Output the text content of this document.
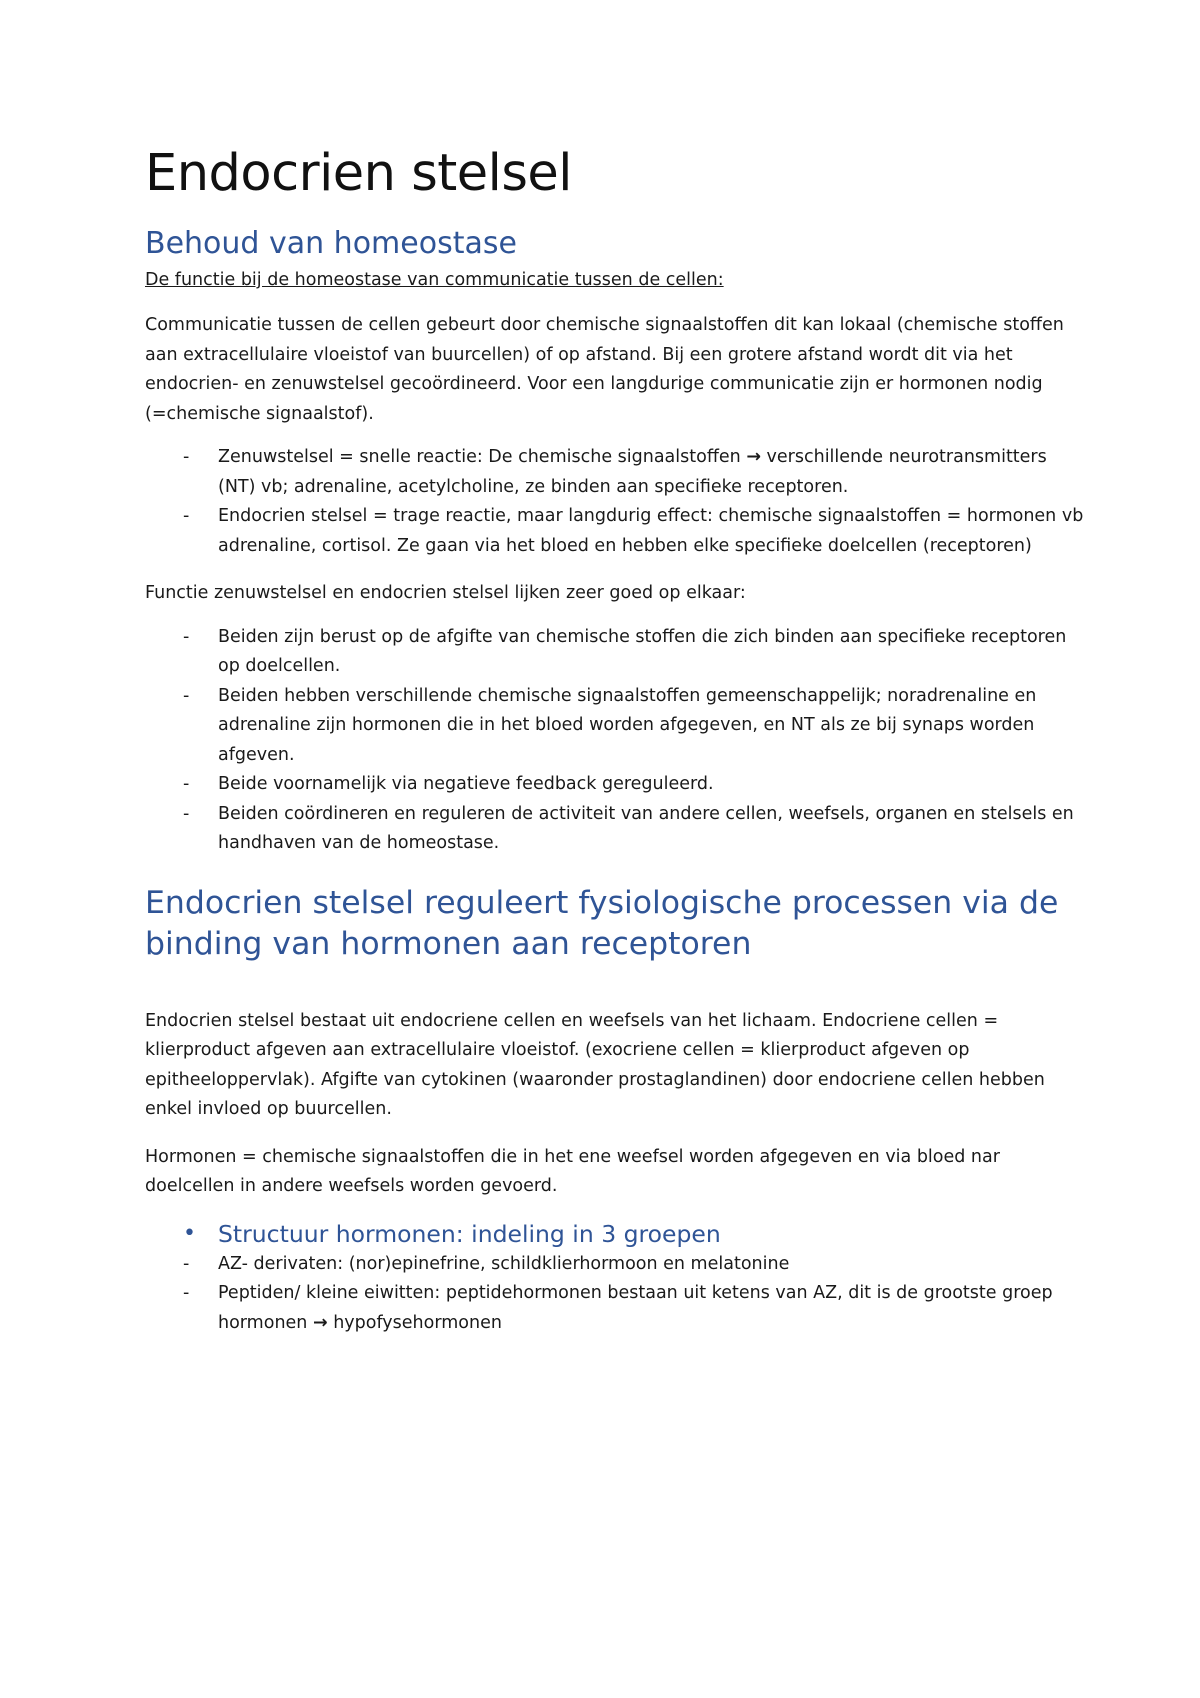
Endocrien stelsel
Behoud van homeostase
De functie bij de homeostase van communicatie tussen de cellen:

Communicatie tussen de cellen gebeurt door chemische signaalstoffen dit kan lokaal (chemische stoffen aan extracellulaire vloeistof van buurcellen) of op afstand. Bij een grotere afstand wordt dit via het endocrien- en zenuwstelsel gecoördineerd. Voor een langdurige communicatie zijn er hormonen nodig (=chemische signaalstof).

- Zenuwstelsel = snelle reactie: De chemische signaalstoffen → verschillende neurotransmitters (NT) vb; adrenaline, acetylcholine, ze binden aan specifieke receptoren.
- Endocrien stelsel = trage reactie, maar langdurig effect: chemische signaalstoffen = hormonen vb adrenaline, cortisol. Ze gaan via het bloed en hebben elke specifieke doelcellen (receptoren)

Functie zenuwstelsel en endocrien stelsel lijken zeer goed op elkaar:

- Beiden zijn berust op de afgifte van chemische stoffen die zich binden aan specifieke receptoren op doelcellen.
- Beiden hebben verschillende chemische signaalstoffen gemeenschappelijk; noradrenaline en adrenaline zijn hormonen die in het bloed worden afgegeven, en NT als ze bij synaps worden afgeven.
- Beide voornamelijk via negatieve feedback gereguleerd.
- Beiden coördineren en reguleren de activiteit van andere cellen, weefsels, organen en stelsels en handhaven van de homeostase.
Endocrien stelsel reguleert fysiologische processen via de binding van hormonen aan receptoren

Endocrien stelsel bestaat uit endocriene cellen en weefsels van het lichaam. Endocriene cellen = klierproduct afgeven aan extracellulaire vloeistof. (exocriene cellen = klierproduct afgeven op epitheeloppervlak). Afgifte van cytokinen (waaronder prostaglandinen) door endocriene cellen hebben enkel invloed op buurcellen.

Hormonen = chemische signaalstoffen die in het ene weefsel worden afgegeven en via bloed nar doelcellen in andere weefsels worden gevoerd.

• Structuur hormonen: indeling in 3 groepen
- AZ- derivaten: (nor)epinefrine, schildklierhormoon en melatonine
- Peptiden/ kleine eiwitten: peptidehormonen bestaan uit ketens van AZ, dit is de grootste groep hormonen → hypofysehormonen
